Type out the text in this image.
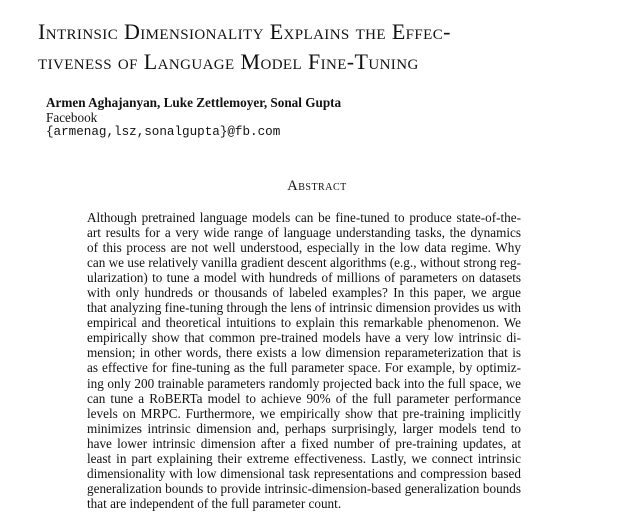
Intrinsic Dimensionality Explains the Effec-
tiveness of Language Model Fine-Tuning
Armen Aghajanyan, Luke Zettlemoyer, Sonal Gupta
Facebook
{armenag,lsz,sonalgupta}@fb.com
Abstract
Although pretrained language models can be fine-tuned to produce state-of-the-
art results for a very wide range of language understanding tasks, the dynamics
of this process are not well understood, especially in the low data regime. Why
can we use relatively vanilla gradient descent algorithms (e.g., without strong reg-
ularization) to tune a model with hundreds of millions of parameters on datasets
with only hundreds or thousands of labeled examples? In this paper, we argue
that analyzing fine-tuning through the lens of intrinsic dimension provides us with
empirical and theoretical intuitions to explain this remarkable phenomenon. We
empirically show that common pre-trained models have a very low intrinsic di-
mension; in other words, there exists a low dimension reparameterization that is
as effective for fine-tuning as the full parameter space. For example, by optimiz-
ing only 200 trainable parameters randomly projected back into the full space, we
can tune a RoBERTa model to achieve 90% of the full parameter performance
levels on MRPC. Furthermore, we empirically show that pre-training implicitly
minimizes intrinsic dimension and, perhaps surprisingly, larger models tend to
have lower intrinsic dimension after a fixed number of pre-training updates, at
least in part explaining their extreme effectiveness. Lastly, we connect intrinsic
dimensionality with low dimensional task representations and compression based
generalization bounds to provide intrinsic-dimension-based generalization bounds
that are independent of the full parameter count.
